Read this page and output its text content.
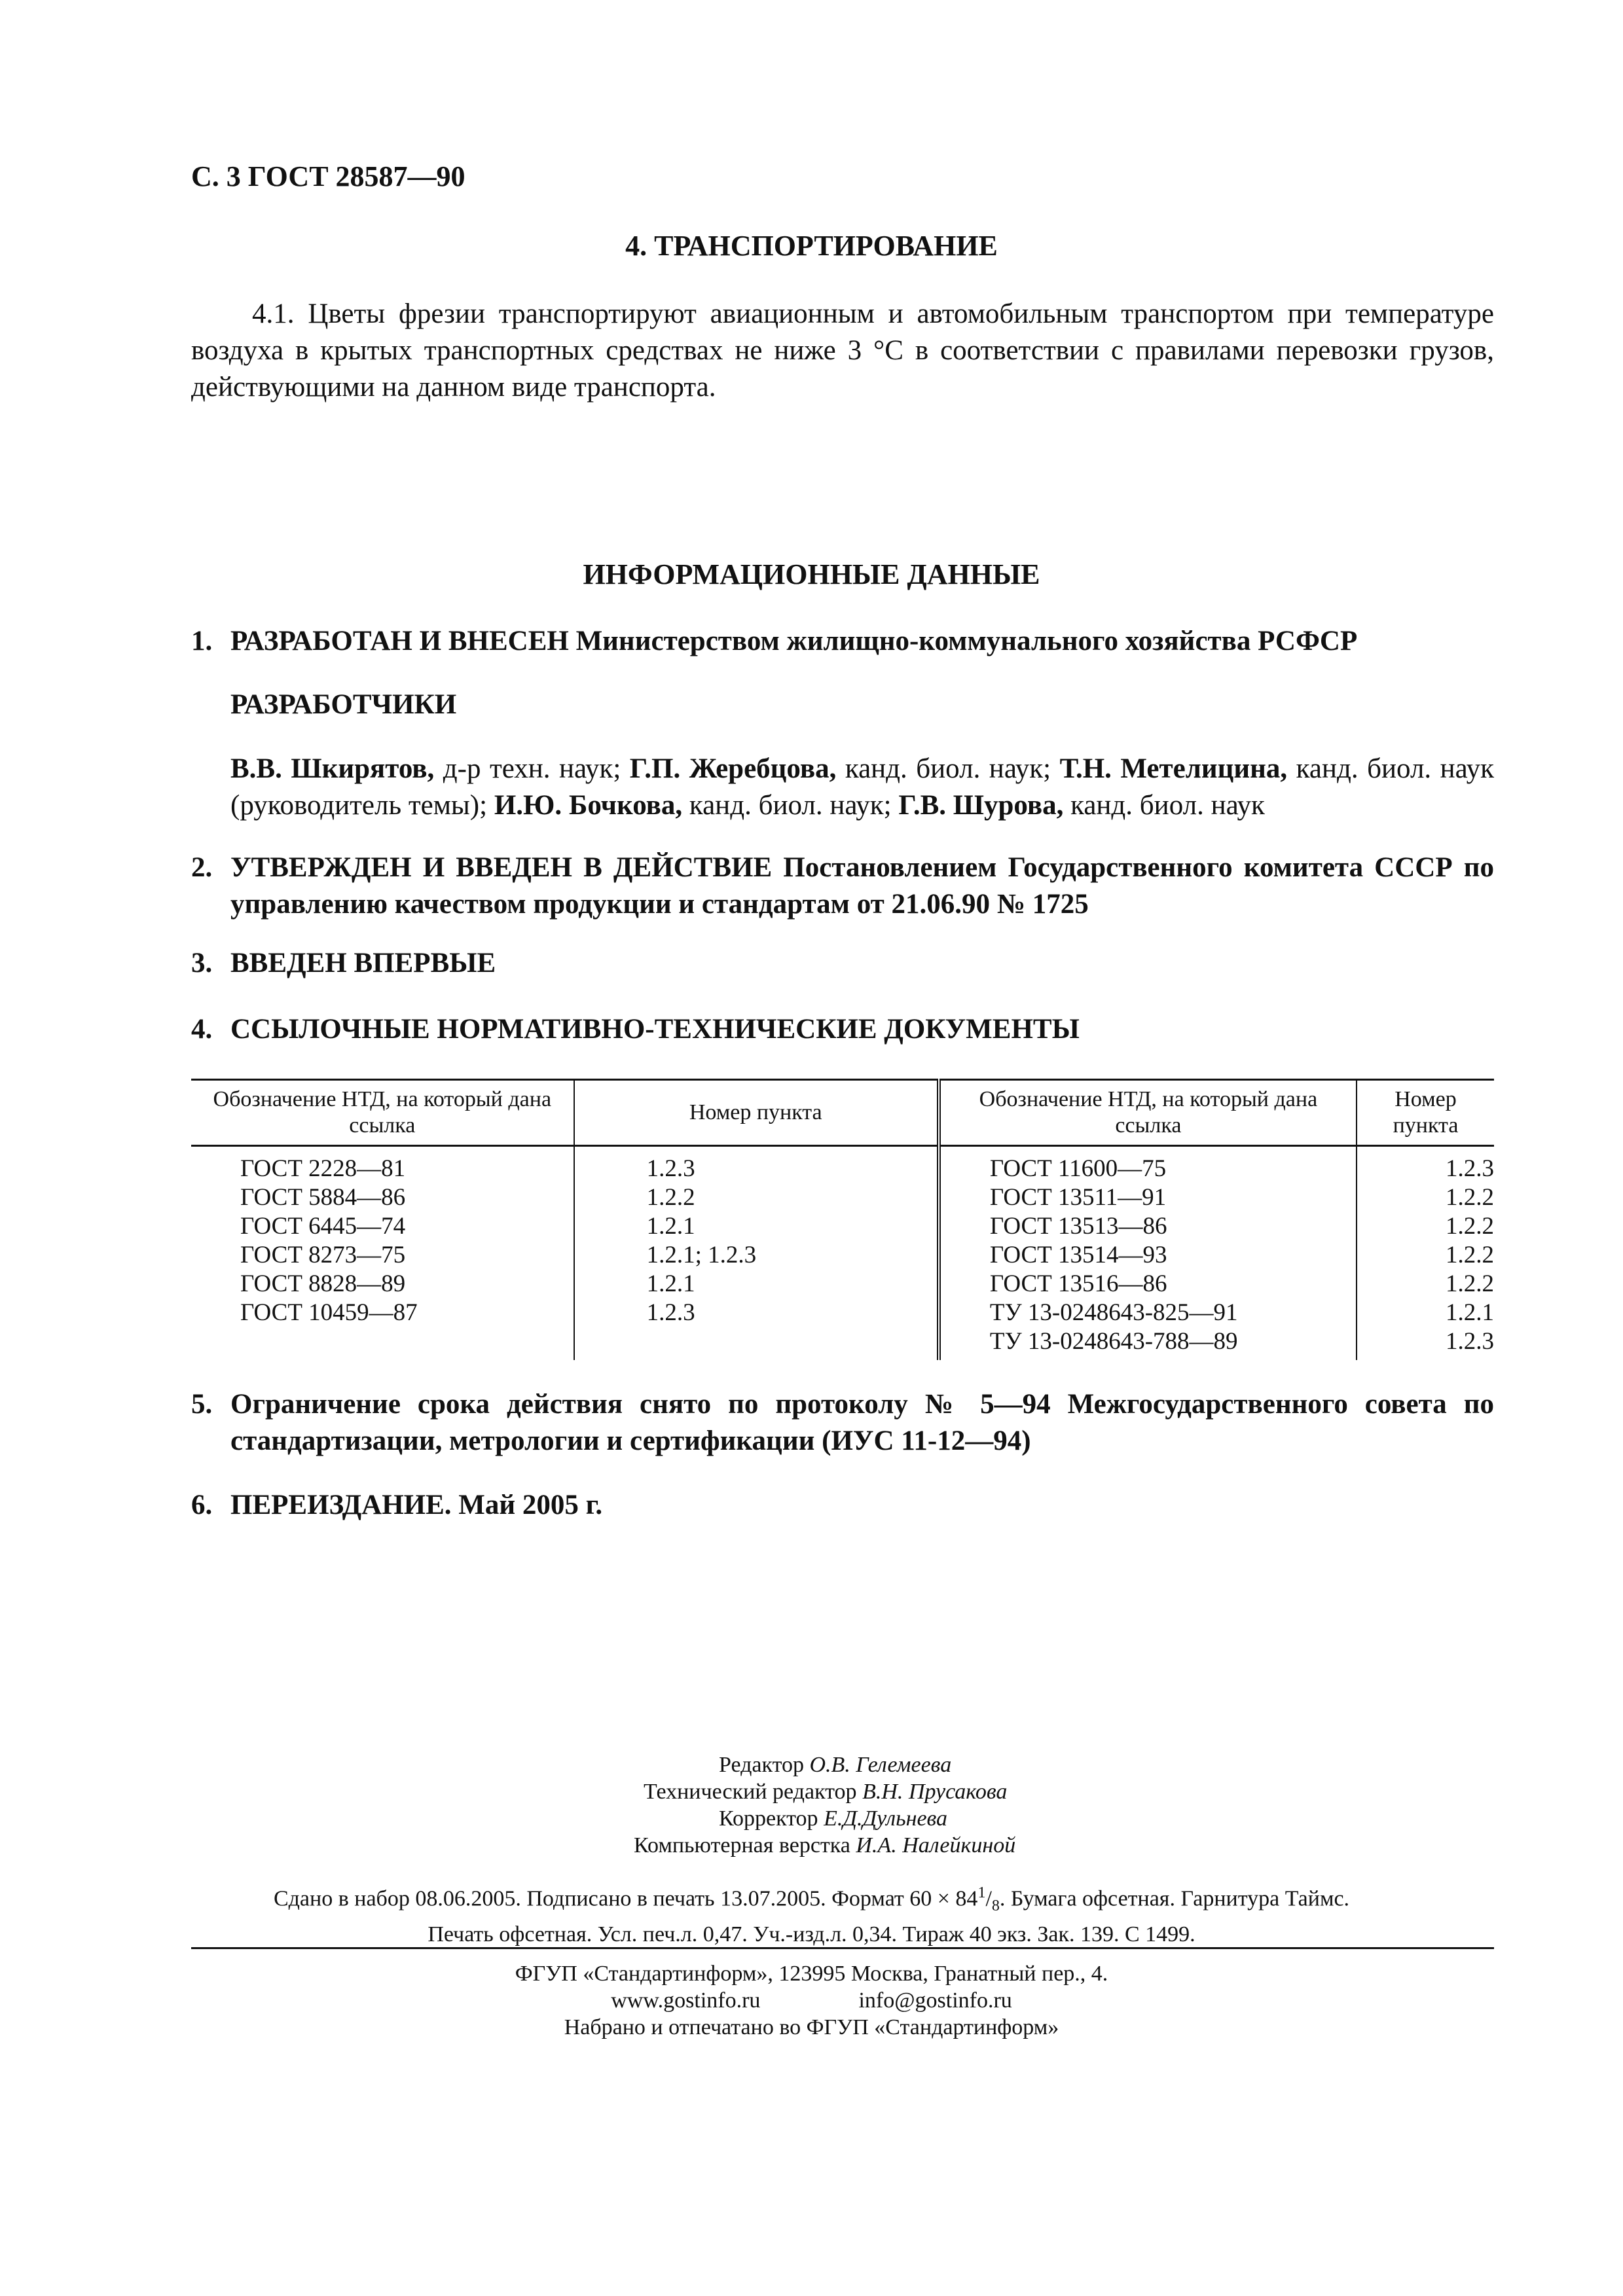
С. 3 ГОСТ 28587—90
4. ТРАНСПОРТИРОВАНИЕ
4.1. Цветы фрезии транспортируют авиационным и автомобильным транспортом при температуре воздуха в крытых транспортных средствах не ниже 3 °С в соответствии с правилами перевозки грузов, действующими на данном виде транспорта.
ИНФОРМАЦИОННЫЕ ДАННЫЕ
1. РАЗРАБОТАН И ВНЕСЕН Министерством жилищно-коммунального хозяйства РСФСР
РАЗРАБОТЧИКИ
В.В. Шкирятов, д-р техн. наук; Г.П. Жеребцова, канд. биол. наук; Т.Н. Метелицина, канд. биол. наук (руководитель темы); И.Ю. Бочкова, канд. биол. наук; Г.В. Шурова, канд. биол. наук
2. УТВЕРЖДЕН И ВВЕДЕН В ДЕЙСТВИЕ Постановлением Государственного комитета СССР по управлению качеством продукции и стандартам от 21.06.90 № 1725
3. ВВЕДЕН ВПЕРВЫЕ
4. ССЫЛОЧНЫЕ НОРМАТИВНО-ТЕХНИЧЕСКИЕ ДОКУМЕНТЫ
Обозначение НТД, на который дана ссылка	Номер пункта	Обозначение НТД, на который дана ссылка	Номер пункта
ГОСТ 2228—81	1.2.3	ГОСТ 11600—75	1.2.3
ГОСТ 5884—86	1.2.2	ГОСТ 13511—91	1.2.2
ГОСТ 6445—74	1.2.1	ГОСТ 13513—86	1.2.2
ГОСТ 8273—75	1.2.1; 1.2.3	ГОСТ 13514—93	1.2.2
ГОСТ 8828—89	1.2.1	ГОСТ 13516—86	1.2.2
ГОСТ 10459—87	1.2.3	ТУ 13-0248643-825—91	1.2.1
		ТУ 13-0248643-788—89	1.2.3
5. Ограничение срока действия снято по протоколу № 5—94 Межгосударственного совета по стандартизации, метрологии и сертификации (ИУС 11-12—94)
6. ПЕРЕИЗДАНИЕ. Май 2005 г.
Редактор О.В. Гелемеева
Технический редактор В.Н. Прусакова
Корректор Е.Д.Дульнева
Компьютерная верстка И.А. Налейкиной
Сдано в набор 08.06.2005. Подписано в печать 13.07.2005. Формат $60 \times 84^1/_8$. Бумага офсетная. Гарнитура Таймс.
Печать офсетная. Усл. печ.л. 0,47. Уч.-изд.л. 0,34. Тираж 40 экз. Зак. 139. С 1499.
ФГУП «Стандартинформ», 123995 Москва, Гранатный пер., 4.
www.gostinfo.ru	info@gostinfo.ru
Набрано и отпечатано во ФГУП «Стандартинформ»
